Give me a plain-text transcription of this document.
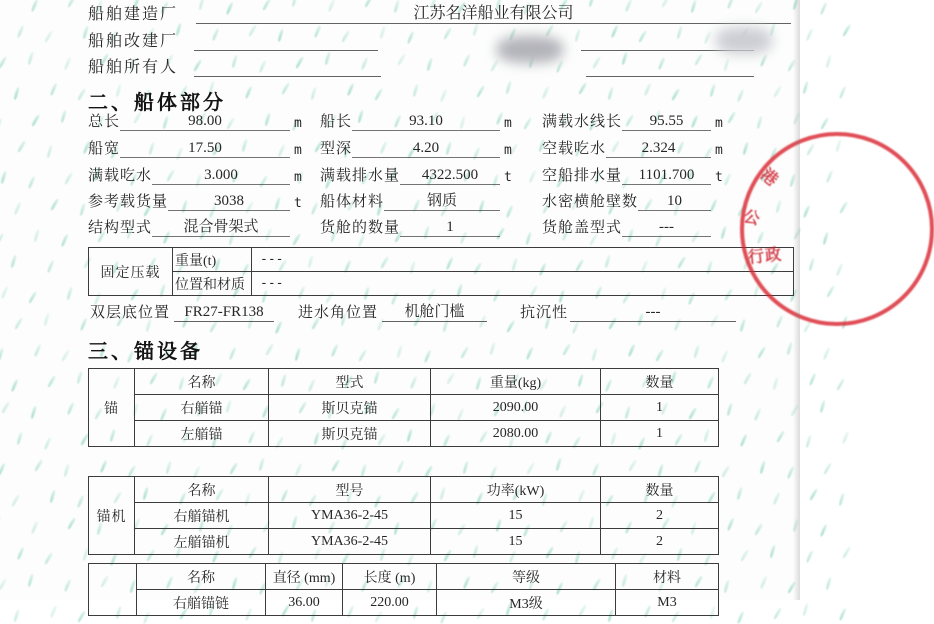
船舶建造厂	江苏名洋船业有限公司
船舶改建厂
船舶所有人
二、船体部分
总长	98.00	m	船长	93.10	m	满载水线长	95.55	m
船宽	17.50	m	型深	4.20	m	空载吃水	2.324	m
满载吃水	3.000	m	满载排水量	4322.500	t	空船排水量	1101.700	t
参考载货量	3038	t	船体材料	钢质	水密横舱壁数	10
结构型式	混合骨架式	货舱的数量	1	货舱盖型式	---
固定压载
重量(t)	---
位置和材质	---
双层底位置 FR27-FR138 进水角位置 机舱门槛	抗沉性	---
三、锚设备
锚	名称	型式	重量(kg)	数量
	右艏锚	斯贝克锚	2090.00	1
	左艏锚	斯贝克锚	2080.00	1
锚机	名称	型号	功率(kW)	数量
	右艏锚机	YMA36-2-45	15	2
	左艏锚机	YMA36-2-45	15	2
	名称	直径 (mm)	长度 (m)	等级	材料
	右艏锚链	36.00	220.00	M3级	M3
港
公
行政
